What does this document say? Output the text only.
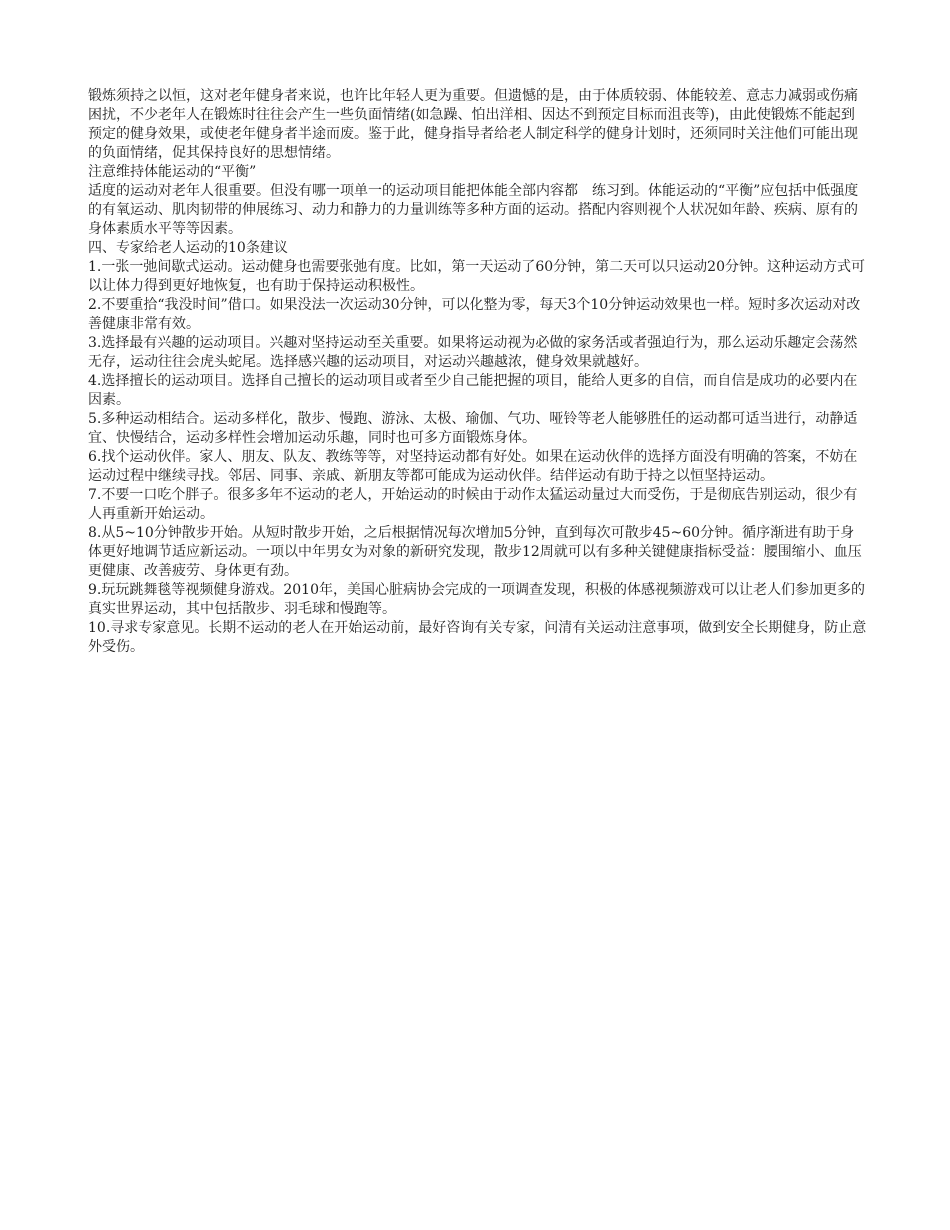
锻炼须持之以恒，这对老年健身者来说，也许比年轻人更为重要。但遗憾的是，由于体质较弱、体能较差、意志力减弱或伤痛困扰，不少老年人在锻炼时往往会产生一些负面情绪(如急躁、怕出洋相、因达不到预定目标而沮丧等)，由此使锻炼不能起到预定的健身效果，或使老年健身者半途而废。鉴于此，健身指导者给老人制定科学的健身计划时，还须同时关注他们可能出现的负面情绪，促其保持良好的思想情绪。

注意维持体能运动的“平衡”

适度的运动对老年人很重要。但没有哪一项单一的运动项目能把体能全部内容都　练习到。体能运动的“平衡”应包括中低强度的有氧运动、肌肉韧带的伸展练习、动力和静力的力量训练等多种方面的运动。搭配内容则视个人状况如年龄、疾病、原有的身体素质水平等等因素。

四、专家给老人运动的10条建议

1.一张一弛间歇式运动。运动健身也需要张弛有度。比如，第一天运动了60分钟，第二天可以只运动20分钟。这种运动方式可以让体力得到更好地恢复，也有助于保持运动积极性。

2.不要重拾“我没时间”借口。如果没法一次运动30分钟，可以化整为零，每天3个10分钟运动效果也一样。短时多次运动对改善健康非常有效。

3.选择最有兴趣的运动项目。兴趣对坚持运动至关重要。如果将运动视为必做的家务活或者强迫行为，那么运动乐趣定会荡然无存，运动往往会虎头蛇尾。选择感兴趣的运动项目，对运动兴趣越浓，健身效果就越好。

4.选择擅长的运动项目。选择自己擅长的运动项目或者至少自己能把握的项目，能给人更多的自信，而自信是成功的必要内在因素。

5.多种运动相结合。运动多样化，散步、慢跑、游泳、太极、瑜伽、气功、哑铃等老人能够胜任的运动都可适当进行，动静适宜、快慢结合，运动多样性会增加运动乐趣，同时也可多方面锻炼身体。

6.找个运动伙伴。家人、朋友、队友、教练等等，对坚持运动都有好处。如果在运动伙伴的选择方面没有明确的答案，不妨在运动过程中继续寻找。邻居、同事、亲戚、新朋友等都可能成为运动伙伴。结伴运动有助于持之以恒坚持运动。

7.不要一口吃个胖子。很多多年不运动的老人，开始运动的时候由于动作太猛运动量过大而受伤，于是彻底告别运动，很少有人再重新开始运动。

8.从5~10分钟散步开始。从短时散步开始，之后根据情况每次增加5分钟，直到每次可散步45~60分钟。循序渐进有助于身体更好地调节适应新运动。一项以中年男女为对象的新研究发现，散步12周就可以有多种关键健康指标受益：腰围缩小、血压更健康、改善疲劳、身体更有劲。

9.玩玩跳舞毯等视频健身游戏。2010年，美国心脏病协会完成的一项调查发现，积极的体感视频游戏可以让老人们参加更多的真实世界运动，其中包括散步、羽毛球和慢跑等。

10.寻求专家意见。长期不运动的老人在开始运动前，最好咨询有关专家，问清有关运动注意事项，做到安全长期健身，防止意外受伤。
